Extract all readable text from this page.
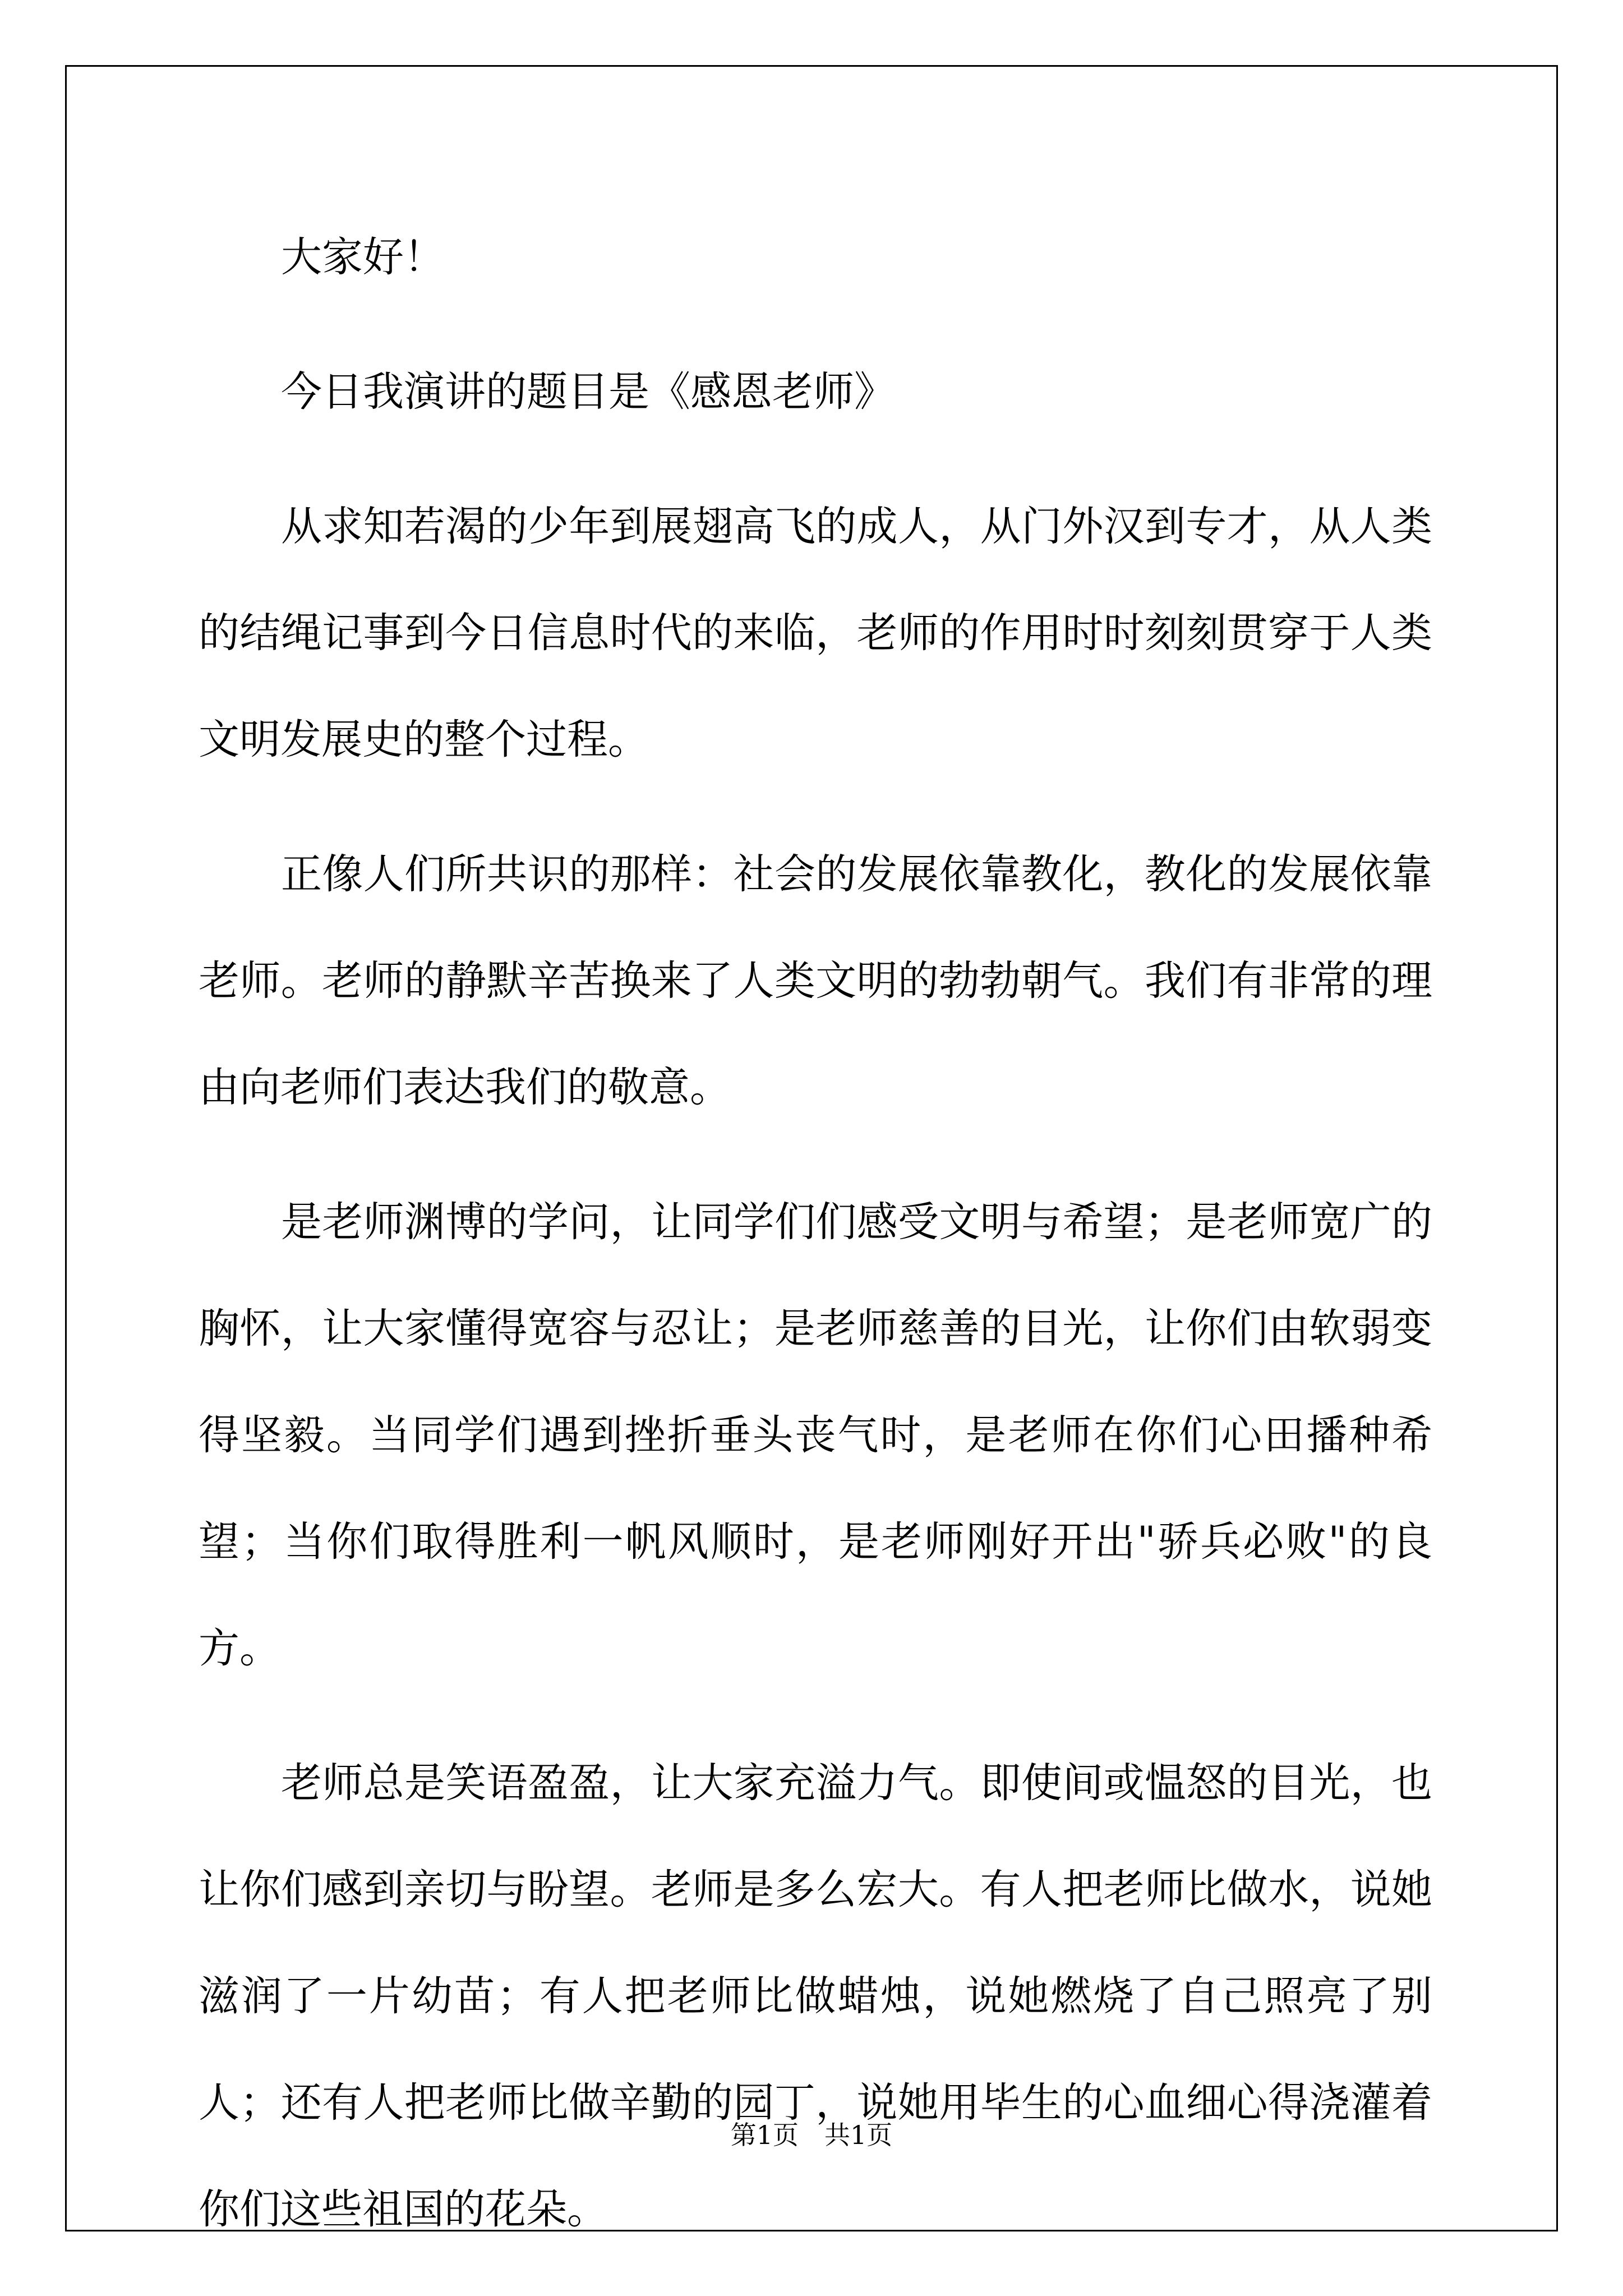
大家好！

今日我演讲的题目是《感恩老师》

从求知若渴的少年到展翅高飞的成人，从门外汉到专才，从人类的结绳记事到今日信息时代的来临，老师的作用时时刻刻贯穿于人类文明发展史的整个过程。

正像人们所共识的那样：社会的发展依靠教化，教化的发展依靠老师。老师的静默辛苦换来了人类文明的勃勃朝气。我们有非常的理由向老师们表达我们的敬意。

是老师渊博的学问，让同学们们感受文明与希望；是老师宽广的胸怀，让大家懂得宽容与忍让；是老师慈善的目光，让你们由软弱变得坚毅。当同学们遇到挫折垂头丧气时，是老师在你们心田播种希望；当你们取得胜利一帆风顺时，是老师刚好开出"骄兵必败"的良方。

老师总是笑语盈盈，让大家充溢力气。即使间或愠怒的目光，也让你们感到亲切与盼望。老师是多么宏大。有人把老师比做水，说她滋润了一片幼苗；有人把老师比做蜡烛，说她燃烧了自己照亮了别人；还有人把老师比做辛勤的园丁，说她用毕生的心血细心得浇灌着你们这些祖国的花朵。

第1页　共1页
